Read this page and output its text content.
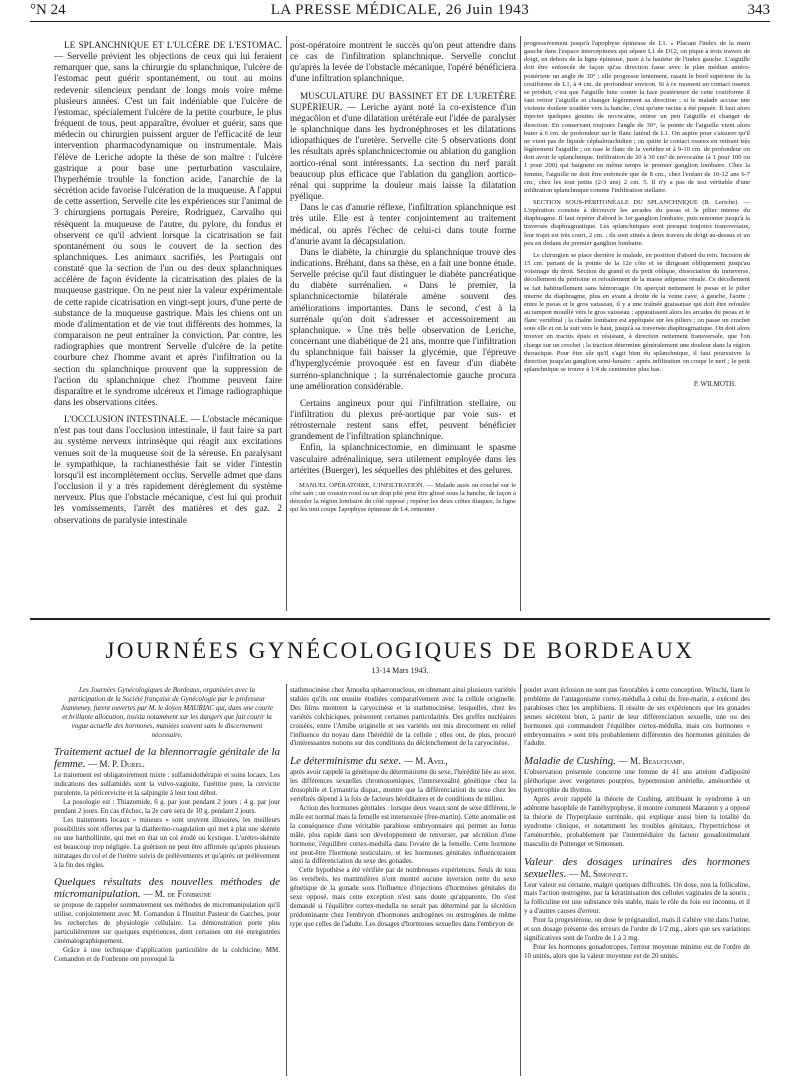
°N 24	LA PRESSE MÉDICALE, 26 Juin 1943	343

LE SPLANCHNIQUE ET L'ULCÈRE DE L'ESTOMAC. — Servelle prévient les objections de ceux qui lui feraient remarquer que, sans la chirurgie du splanchnique, l'ulcère de l'estomac peut guérir spontanément, ou tout au moins redevenir silencieux pendant de longs mois voire même plusieurs années. C'est un fait indéniable que l'ulcère de l'estomac, spécialement l'ulcère de la petite courbure, le plus fréquent de tous, peut apparaître, évoluer et guérir, sans que médecin ou chirurgien puissent arguer de l'efficacité de leur intervention pharmacodynamique ou instrumentale. Mais l'élève de Leriche adopte la thèse de son maître : l'ulcère gastrique a pour base une perturbation vasculaire, l'hyperhémie trouble la fonction acide, l'anarchie de la sécrétion acide favorise l'ulcération de la muqueuse. A l'appui de cette assertion, Servelle cite les expériences sur l'animal de 3 chirurgiens portugais Pereire, Rodriguez, Carvalho qui résèquent la muqueuse de l'autre, du pylore, du fondus et observent ce qu'il advient lorsque la cicatrisation se fait spontanément ou sous le couvert de la section des splanchniques. Les animaux sacrifiés, les Portugais ont constaté que la section de l'un ou des deux splanchniques accélère de façon évidente la cicatrisation des plaies de la muqueuse gastrique. On ne peut nier la valeur expérimentale de cette rapide cicatrisation en vingt-sept jours, d'une perte de substance de la muqueuse gastrique. Mais les chiens ont un mode d'alimentation et de vie tout différents des hommes, la comparaison ne peut entraîner la conviction. Par contre, les radiographies que montrent Servelle d'ulcère de la petite courbure chez l'homme avant et après l'infiltration ou la section du splanchnique prouvent que la suppression de l'action du splanchnique chez l'homme peuvent faire disparaître et le syndrome ulcéreux et l'image radiographique dans les observations citées.

L'OCCLUSION INTESTINALE. — L'obstacle mécanique n'est pas tout dans l'occlusion intestinale, il faut faire sa part au système nerveux intrinsèque qui réagit aux excitations venues soit de la muqueuse soit de la séreuse. En paralysant le sympathique, la rachianesthésie fait se vider l'intestin lorsqu'il est incomplètement occlus. Servelle admet que dans l'occlusion il y a très rapidement dérèglement du système nerveux. Plus que l'obstacle mécanique, c'est lui qui produit les vomissements, l'arrêt des matières et des gaz. 2 observations de paralysie intestinale

post-opératoire montrent le succès qu'on peut attendre dans ce cas de l'infiltration splanchnique. Servelle conclut qu'après la levée de l'obstacle mécanique, l'opéré bénéficiera d'une infiltration splanchnique.

MUSCULATURE DU BASSINET ET DE L'URETÈRE SUPÉRIEUR. — Leriche ayant noté la co-existence d'un mégacôlon et d'une dilatation urétérale eut l'idée de paralyser le splanchnique dans les hydronéphroses et les dilatations idiopathiques de l'uretère. Servelle cite 5 observations dont les résultats après splanchnicectomie ou ablation du ganglion aortico-rénal sont intéressants. La section du nerf paraît beaucoup plus efficace que l'ablation du ganglion aortico-rénal qui supprime la douleur mais laisse la dilatation pyélique.

Dans le cas d'anurie réflexe, l'infiltration splanchnique est très utile. Elle est à tenter conjointement au traitement médical, ou après l'échec de celui-ci dans toute forme d'anurie avant la décapsulation.

Dans le diabète, la chirurgie du splanchnique trouve des indications. Bréhant, dans sa thèse, en a fait une bonne étude. Servelle précise qu'il faut distinguer le diabète pancréatique du diabète surrénalien. « Dans le premier, la splanchnicectomie bilatérale amène souvent des améliorations importantes. Dans le second, c'est à la surrénale qu'on doit s'adresser et accessoirement au splanchnique. » Une très belle observation de Leriche, concernant une diabétique de 21 ans, montre que l'infiltration du splanchnique fait baisser la glycémie, que l'épreuve d'hyperglycémie provoquée est en faveur d'un diabète surréno-splanchnique ; la surrénalectomie gauche procura une amélioration considérable.

Certains angineux pour qui l'infiltration stellaire, ou l'infiltration du plexus pré-aortique par voie sus- et rétrosternale restent sans effet, peuvent bénéficier grandement de l'infiltration splanchnique.

Enfin, la splanchnicectomie, en diminuant le spasme vasculaire adrénalinique, sera utilement employée dans les artérites (Buerger), les séquelles des phlébites et des gelures.

MANUEL OPÉRATOIRE, L'INFILTRATION. — Malade assis ou couché sur le côté sain ; un coussin rond ou un drap plié peut être glissé sous la hanche, de façon à dérouler la région lombaire du côté opposé ; repérer les deux crêtes iliaques, la ligne qui les unit coupe l'apophyse épineuse de L4. remonter

progressivement jusqu'à l'apophyse épineuse de L1. « Placant l'index de la main gauche dans l'espace intercépineux qui sépare L1 de D12, on pique à trois travers de doigt, en dehors de la ligne épineuse, juste à la hauteur de l'index gauche. L'aiguille doit être enfoncée de façon qu'sa direction fasse avec le plan médian antéro-postérieur un angle de 30° ; elle progresse lentement, rasant le bord supérieur de la costiforme de L1, à 4 cm. de profondeur environ. Si à ce moment un contact osseux se produit, c'est que l'aiguille bute contre la face postérieure de cette costiforme il faut retirer l'aiguille et changer légèrement sa direction ; si le malade accuse une violente douleur irradiée vers la hanche, c'est qu'une racine a été piquée. Il faut alors injecter quelques gouttes de novocaïne, retirer un peu l'aiguille et changer de direction. En conservant toujours l'angle de 30°, la pointe de l'aiguille vient alors buter à 6 cm. de profondeur sur le flanc latéral de L1. On aspire pour s'assurer qu'il ne vient pas de liquide céphalorachidien ; on quitte le contact osseux en retirant très légèrement l'aiguille ; on rase le flanc de la vertèbre et à 9-10 cm. de profondeur on doit avoir le splanchnique. Infiltration de 20 à 30 cm³ de novocaïne (à 1 pour 100 ou 1 pour 200) qui baignent en même temps le premier ganglion lombaire. Chez la femme, l'aiguille ne doit être enfoncée que de 8 cm., chez l'enfant de 10-12 ans 6-7 cm., chez les tout petits (2-3 ans) 2 cm. 5. Il n'y a pas de test véritable d'une infiltration splanchnique comme l'infiltration stellaire.

SECTION SOUS-PÉRITONÉALE DU SPLANCHNIQUE (R. Leriche). — L'opération consiste à découvrir les arcades du psoas et le pilier interne du diaphragme. Il faut repérer d'abord le 1er ganglion lombaire, puis remonter jusqu'à la traversée diaphragmatique. Les splanchniques sont presque toujours transversaux, leur trajet est très court, 2 cm. ; ils sont situés à deux travers de doigt au-dessus et un peu en dedans du premier ganglion lombaire.

Le chirurgien se place derrière le malade, en position d'abord du rein. Incision de 15 cm. partant de la pointe de la 12e côte et se dirigeant obliquement jusqu'au voisinage du droit. Section du grand et du petit oblique, dissociation du transverse, décollement du péritoine et refoulement de la masse adipeuse rénale. Ce décollement se fait habituellement sans hémorragie. On aperçoit nettement le psoas et le pilier interne du diaphragme, plus en avant à droite de la veine cave, à gauche, l'aorte ; entre le psoas et le gros vaisseau, il y a une traînée graisseuse qui doit être refoulée au tampon mouillé vers le gros vaisseau ; apparaissent alors les arcades du psoas et le flanc vertébral ; la chaîne lombaire est appliquée sur les piliers ; on passe un crochet sous elle et on la suit vers le haut, jusqu'à sa traversée diaphragmatique. On doit alors trouver un tractus épais et résistant, à direction nettement transversale, que l'on charge sur un crochet ; la traction détermine généralement une douleur dans la région thoracique. Pour être sûr qu'il s'agit bien du splanchnique, il faut poursuivre la direction jusqu'au ganglion semi-lunaire : après infiltration on coupe le nerf ; le petit splanchnique se trouve à 1/4 de centimètre plus bas.

P. WILMOTH.
JOURNÉES GYNÉCOLOGIQUES DE BORDEAUX
13-14 Mars 1943.

Les Journées Gynécologiques de Bordeaux, organisées avec la participation de la Société française de Gynécologie par le professeur Jeanneney, furent ouvertes par M. le doyen MAURIAC qui, dans une courte et brillante allocution, insista notamment sur les dangers que fait courir la vogue actuelle des hormones, maniées souvent sans le discernement nécessaire.

Traitement actuel de la blennorragie génitale de la femme. — M. P. Durel.

Le traitement est obligatoirement mixte : sulfamidothérapie et soins locaux. Les indications des sulfamidés sont la vulvo-vaginite, l'urétrite pure, la cervicite purulente, la péricervicite et la salpingite à leur tout début.

La posologie est : Thiazomide, 6 g. par jour pendant 2 jours ; 4 g. par jour pendant 2 jours. En cas d'échec, la 2e cure sera de 10 g. pendant 2 jours.

Les traitements locaux « mineurs » sont souvent illusoires, les meilleurs possibilités sont offertes par la diathermo-coagulation qui met à plat une skénite ou une barthollinite, qui met en état un col érodé ou kystique. L'urétro-skénite est beaucoup trop négligée. La guérison ne peut être affirmée qu'après plusieurs nitratages du col et de l'urètre suivis de prélèvements et qu'après un prélèvement à la fin des règles.

Quelques résultats des nouvelles méthodes de micromanipulation. — M. de Fonbrune

se propose de rappeler sommairement ses méthodes de micromanipulation qu'il utilise, conjointement avec M. Comandon à l'Institut Pasteur de Garches, pour les recherches de physiologie cellulaire. La démonstration porte plus particulièrement sur quelques expériences, dont certaines ont été enregistrées cinématographiquement.

Grâce à une technique d'application particulière de la colchicine, MM. Comandon et de Fonbrune ont provoqué la

stathmocinèse chez Amoeba sphaeronucleus, en obtenant ainsi plusieurs variétés stables qu'ils ont ensuite étudiées comparativement avec la cellule originelle. Des films montrent la caryocinèse et la stathmocinèse, lesquelles, chez les variétés colchiciques, présentent certaines particularités. Des greffes nucléaires croisées, entre l'Amibe originelle et ses variétés ont mis directement en relief l'influence du noyau dans l'hérédité de la cellule ; elles ont, de plus, procuré d'intéressantes notions sur des conditions du déclenchement de la caryocinèse.

Le déterminisme du sexe. — M. Avel,

après avoir rappelé la génétique du déterminisme du sexe, l'hérédité liée au sexe, les différences sexuelles chromosomiques, l'intersexualité génétique chez la drosophile et Lymantria dispar., montre que la différenciation du sexe chez les vertébrés dépend à la fois de facteurs héréditaires et de conditions de milieu.

Action des hormones génitales : lorsque deux veaux sont de sexe différent, le mâle est normal mais la femelle est intersexuée (free-martin). Cette anomalie est la conséquence d'une véritable parabiose embryonnaire qui permet au fœtus mâle, plus rapide dans son développement de renverser, par sécrétion d'une hormone, l'équilibre cortex-medulla dans l'ovaire de la femelle. Cette hormone est peut-être l'hormone testiculaire, et les hormones génitales influenceraient ainsi la différenciation du sexe des gonades.

Cette hypothèse a été vérifiée par de nombreuses expériences. Seuls de tous les vertébrés, les mammifères n'ont montré aucune inversion nette du sexe génétique de la gonade sous l'influence d'injections d'hormones génitales du sexe opposé, mais cette exception n'est sans doute qu'apparente. On s'est demandé si l'équilibre cortex-medulla ne serait pas déterminé par la sécrétion prédominante chez l'embryon d'hormones androgènes ou œstrogènes de même type que celles de l'adulte. Les dosages d'hormones sexuelles dans l'embryon de

poulet avant éclosion ne sont pas favorables à cette conception. Witschi, liant le problème de l'antagonisme cortex-médulla à celui du free-marin, a exécuté des parabioses chez les amphibiens. Il résulte de ses expériences que les gonades jeunes sécrètent bien, à partir de leur différenciation sexuelle, une ou des hormones qui commandent l'équilibre cortex-médulla, mais ces hormones « embryonnaires » sont très probablement différentes des hormones génitales de l'adulte.

Maladie de Cushing. — M. Beauchamp.

L'observation présentée concerne une femme de 41 ans atteinte d'adiposité pléthorique avec vergetures pourpres, hypertension artérielle, aménorrhée et hypertrophie du thymus.

Après avoir rappelé la théorie de Cushing, attribuant le syndrome à un adénome basophile de l'antéhypophyse, il montre comment Maranon y a opposé la théorie de l'hyperplasie surrénale, qui explique aussi bien la totalité du syndrome clinique, et notamment les troubles génitaux, l'hypertrichose et l'aménorrhée, probablement par l'intermédiaire du facteur gonadostimulant masculin de Pottenger et Simonsen.

Valeur des dosages urinaires des hormones sexuelles. — M. Simonnet.

Leur valeur est certaine, malgré quelques difficultés. On dose, non la folliculine, mais l'action œstrogène, par la kératinisation des cellules vaginales de la souris ; la folliculine est une substance très stable, mais le rôle du foie est inconnu, et il y a d'autres causes d'erreur.

Pour la progestérone, on dose le prégnandiol, mais il s'altère vite dans l'urine, et son dosage présente des erreurs de l'ordre de 1/2 mg., alors que ses variations significatives sont de l'ordre de 1 à 2 mg.

Pour les hormones gonadotropes, l'erreur moyenne minime est de l'ordre de 10 unités, alors que la valeur moyenne est de 20 unités.
